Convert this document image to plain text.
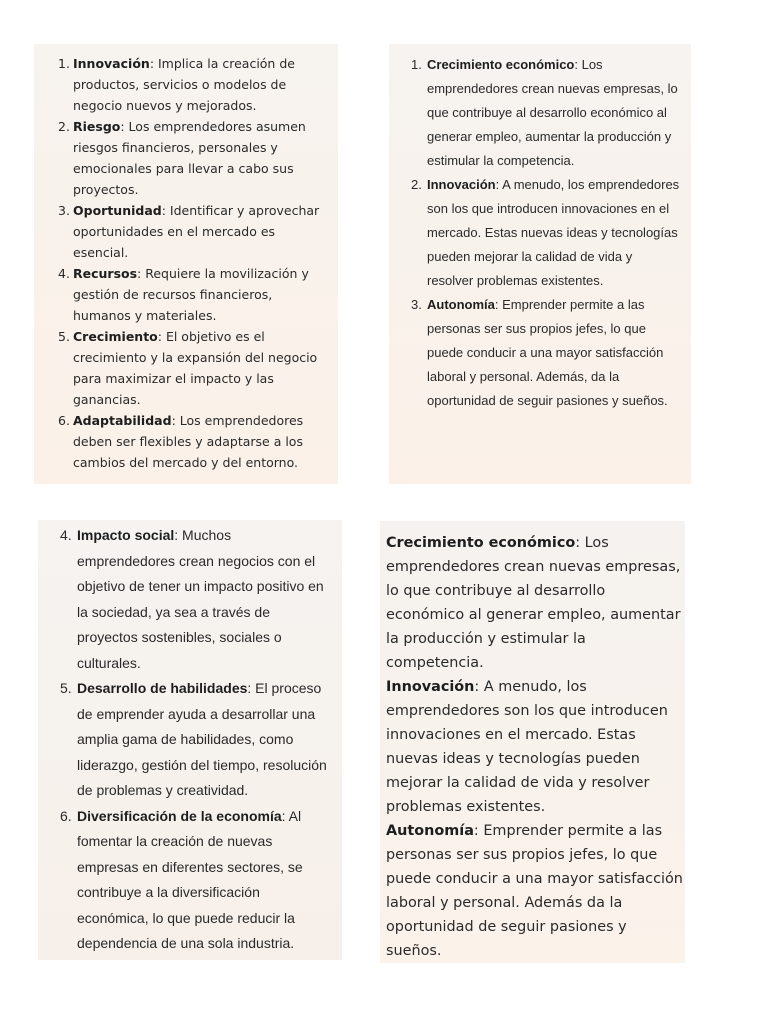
1. Innovación: Implica la creación de productos, servicios o modelos de negocio nuevos y mejorados.
2. Riesgo: Los emprendedores asumen riesgos financieros, personales y emocionales para llevar a cabo sus proyectos.
3. Oportunidad: Identificar y aprovechar oportunidades en el mercado es esencial.
4. Recursos: Requiere la movilización y gestión de recursos financieros, humanos y materiales.
5. Crecimiento: El objetivo es el crecimiento y la expansión del negocio para maximizar el impacto y las ganancias.
6. Adaptabilidad: Los emprendedores deben ser flexibles y adaptarse a los cambios del mercado y del entorno.
1. Crecimiento económico: Los emprendedores crean nuevas empresas, lo que contribuye al desarrollo económico al generar empleo, aumentar la producción y estimular la competencia.
2. Innovación: A menudo, los emprendedores son los que introducen innovaciones en el mercado. Estas nuevas ideas y tecnologías pueden mejorar la calidad de vida y resolver problemas existentes.
3. Autonomía: Emprender permite a las personas ser sus propios jefes, lo que puede conducir a una mayor satisfacción laboral y personal. Además, da la oportunidad de seguir pasiones y sueños.
4. Impacto social: Muchos emprendedores crean negocios con el objetivo de tener un impacto positivo en la sociedad, ya sea a través de proyectos sostenibles, sociales o culturales.
5. Desarrollo de habilidades: El proceso de emprender ayuda a desarrollar una amplia gama de habilidades, como liderazgo, gestión del tiempo, resolución de problemas y creatividad.
6. Diversificación de la economía: Al fomentar la creación de nuevas empresas en diferentes sectores, se contribuye a la diversificación económica, lo que puede reducir la dependencia de una sola industria.
Crecimiento económico: Los emprendedores crean nuevas empresas, lo que contribuye al desarrollo económico al generar empleo, aumentar la producción y estimular la competencia.
Innovación: A menudo, los emprendedores son los que introducen innovaciones en el mercado. Estas nuevas ideas y tecnologías pueden mejorar la calidad de vida y resolver problemas existentes.
Autonomía: Emprender permite a las personas ser sus propios jefes, lo que puede conducir a una mayor satisfacción laboral y personal. Además da la oportunidad de seguir pasiones y sueños.
